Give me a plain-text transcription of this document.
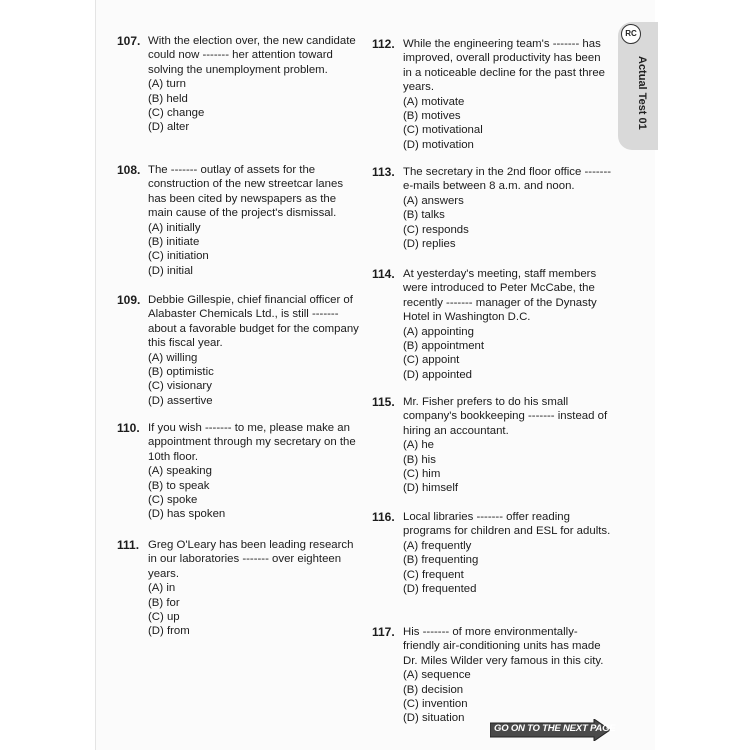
107. With the election over, the new candidate could now ------- her attention toward solving the unemployment problem.
(A) turn
(B) held
(C) change
(D) alter
108. The ------- outlay of assets for the construction of the new streetcar lanes has been cited by newspapers as the main cause of the project's dismissal.
(A) initially
(B) initiate
(C) initiation
(D) initial
109. Debbie Gillespie, chief financial officer of Alabaster Chemicals Ltd., is still ------- about a favorable budget for the company this fiscal year.
(A) willing
(B) optimistic
(C) visionary
(D) assertive
110. If you wish ------- to me, please make an appointment through my secretary on the 10th floor.
(A) speaking
(B) to speak
(C) spoke
(D) has spoken
111. Greg O'Leary has been leading research in our laboratories ------- over eighteen years.
(A) in
(B) for
(C) up
(D) from
112. While the engineering team's ------- has improved, overall productivity has been in a noticeable decline for the past three years.
(A) motivate
(B) motives
(C) motivational
(D) motivation
113. The secretary in the 2nd floor office ------- e-mails between 8 a.m. and noon.
(A) answers
(B) talks
(C) responds
(D) replies
114. At yesterday's meeting, staff members were introduced to Peter McCabe, the recently ------- manager of the Dynasty Hotel in Washington D.C.
(A) appointing
(B) appointment
(C) appoint
(D) appointed
115. Mr. Fisher prefers to do his small company's bookkeeping ------- instead of hiring an accountant.
(A) he
(B) his
(C) him
(D) himself
116. Local libraries ------- offer reading programs for children and ESL for adults.
(A) frequently
(B) frequenting
(C) frequent
(D) frequented
117. His ------- of more environmentally-friendly air-conditioning units has made Dr. Miles Wilder very famous in this city.
(A) sequence
(B) decision
(C) invention
(D) situation
RC
Actual Test 01
GO ON TO THE NEXT PAGE
